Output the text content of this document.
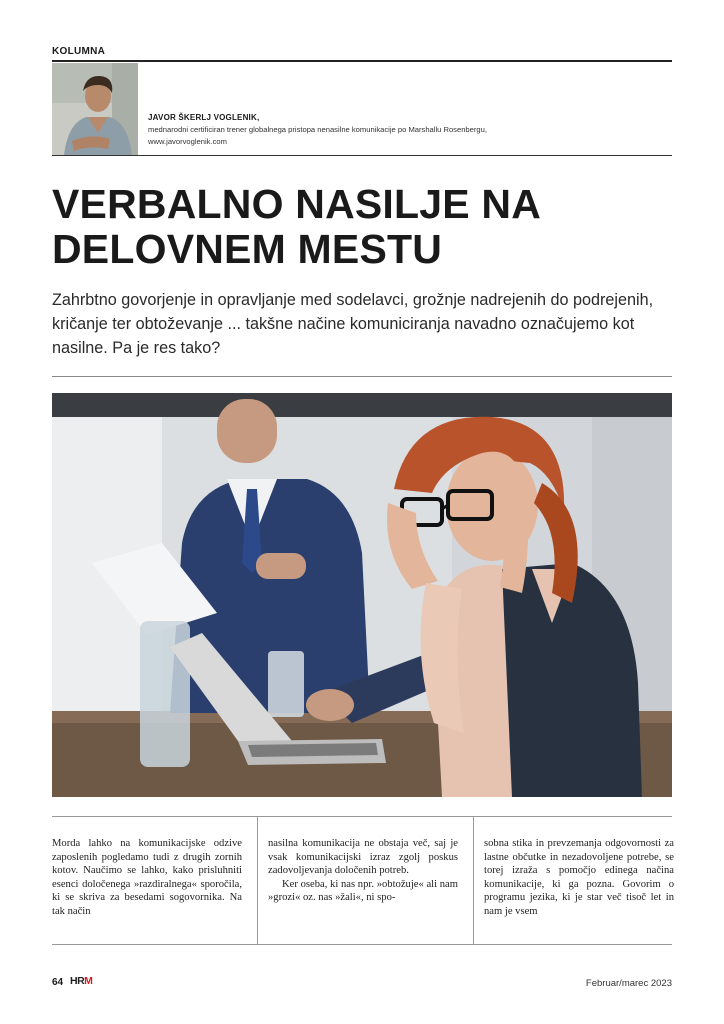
KOLUMNA
JAVOR ŠKERLJ VOGLENIK,
mednarodni certificiran trener globalnega pristopa nenasilne komunikacije po Marshallu Rosenbergu,
www.javorvoglenik.com
VERBALNO NASILJE NA
DELOVNEM MESTU

Zahrbtno govorjenje in opravljanje med sodelavci, grožnje nadrejenih do podrejenih, kričanje ter obtoževanje ... takšne načine komuniciranja navadno označujemo kot nasilne. Pa je res tako?

Morda lahko na komunikacijske odzive zaposlenih pogledamo tudi z drugih zornih kotov. Naučimo se lahko, kako prisluhniti esenci določenega »razdiralnega« sporočila, ki se skriva za besedami sogovornika. Na tak način

nasilna komunikacija ne obstaja več, saj je vsak komunikacijski izraz zgolj poskus zadovoljevanja določenih potreb.

Ker oseba, ki nas npr. »obtožuje« ali nam »grozi« oz. nas »žali«, ni spo-

sobna stika in prevzemanja odgovornosti za lastne občutke in nezadovoljene potrebe, se torej izraža s pomočjo edinega načina komunikacije, ki ga pozna. Govorim o programu jezika, ki je star več tisoč let in nam je vsem

64 HRM	Februar/marec 2023
